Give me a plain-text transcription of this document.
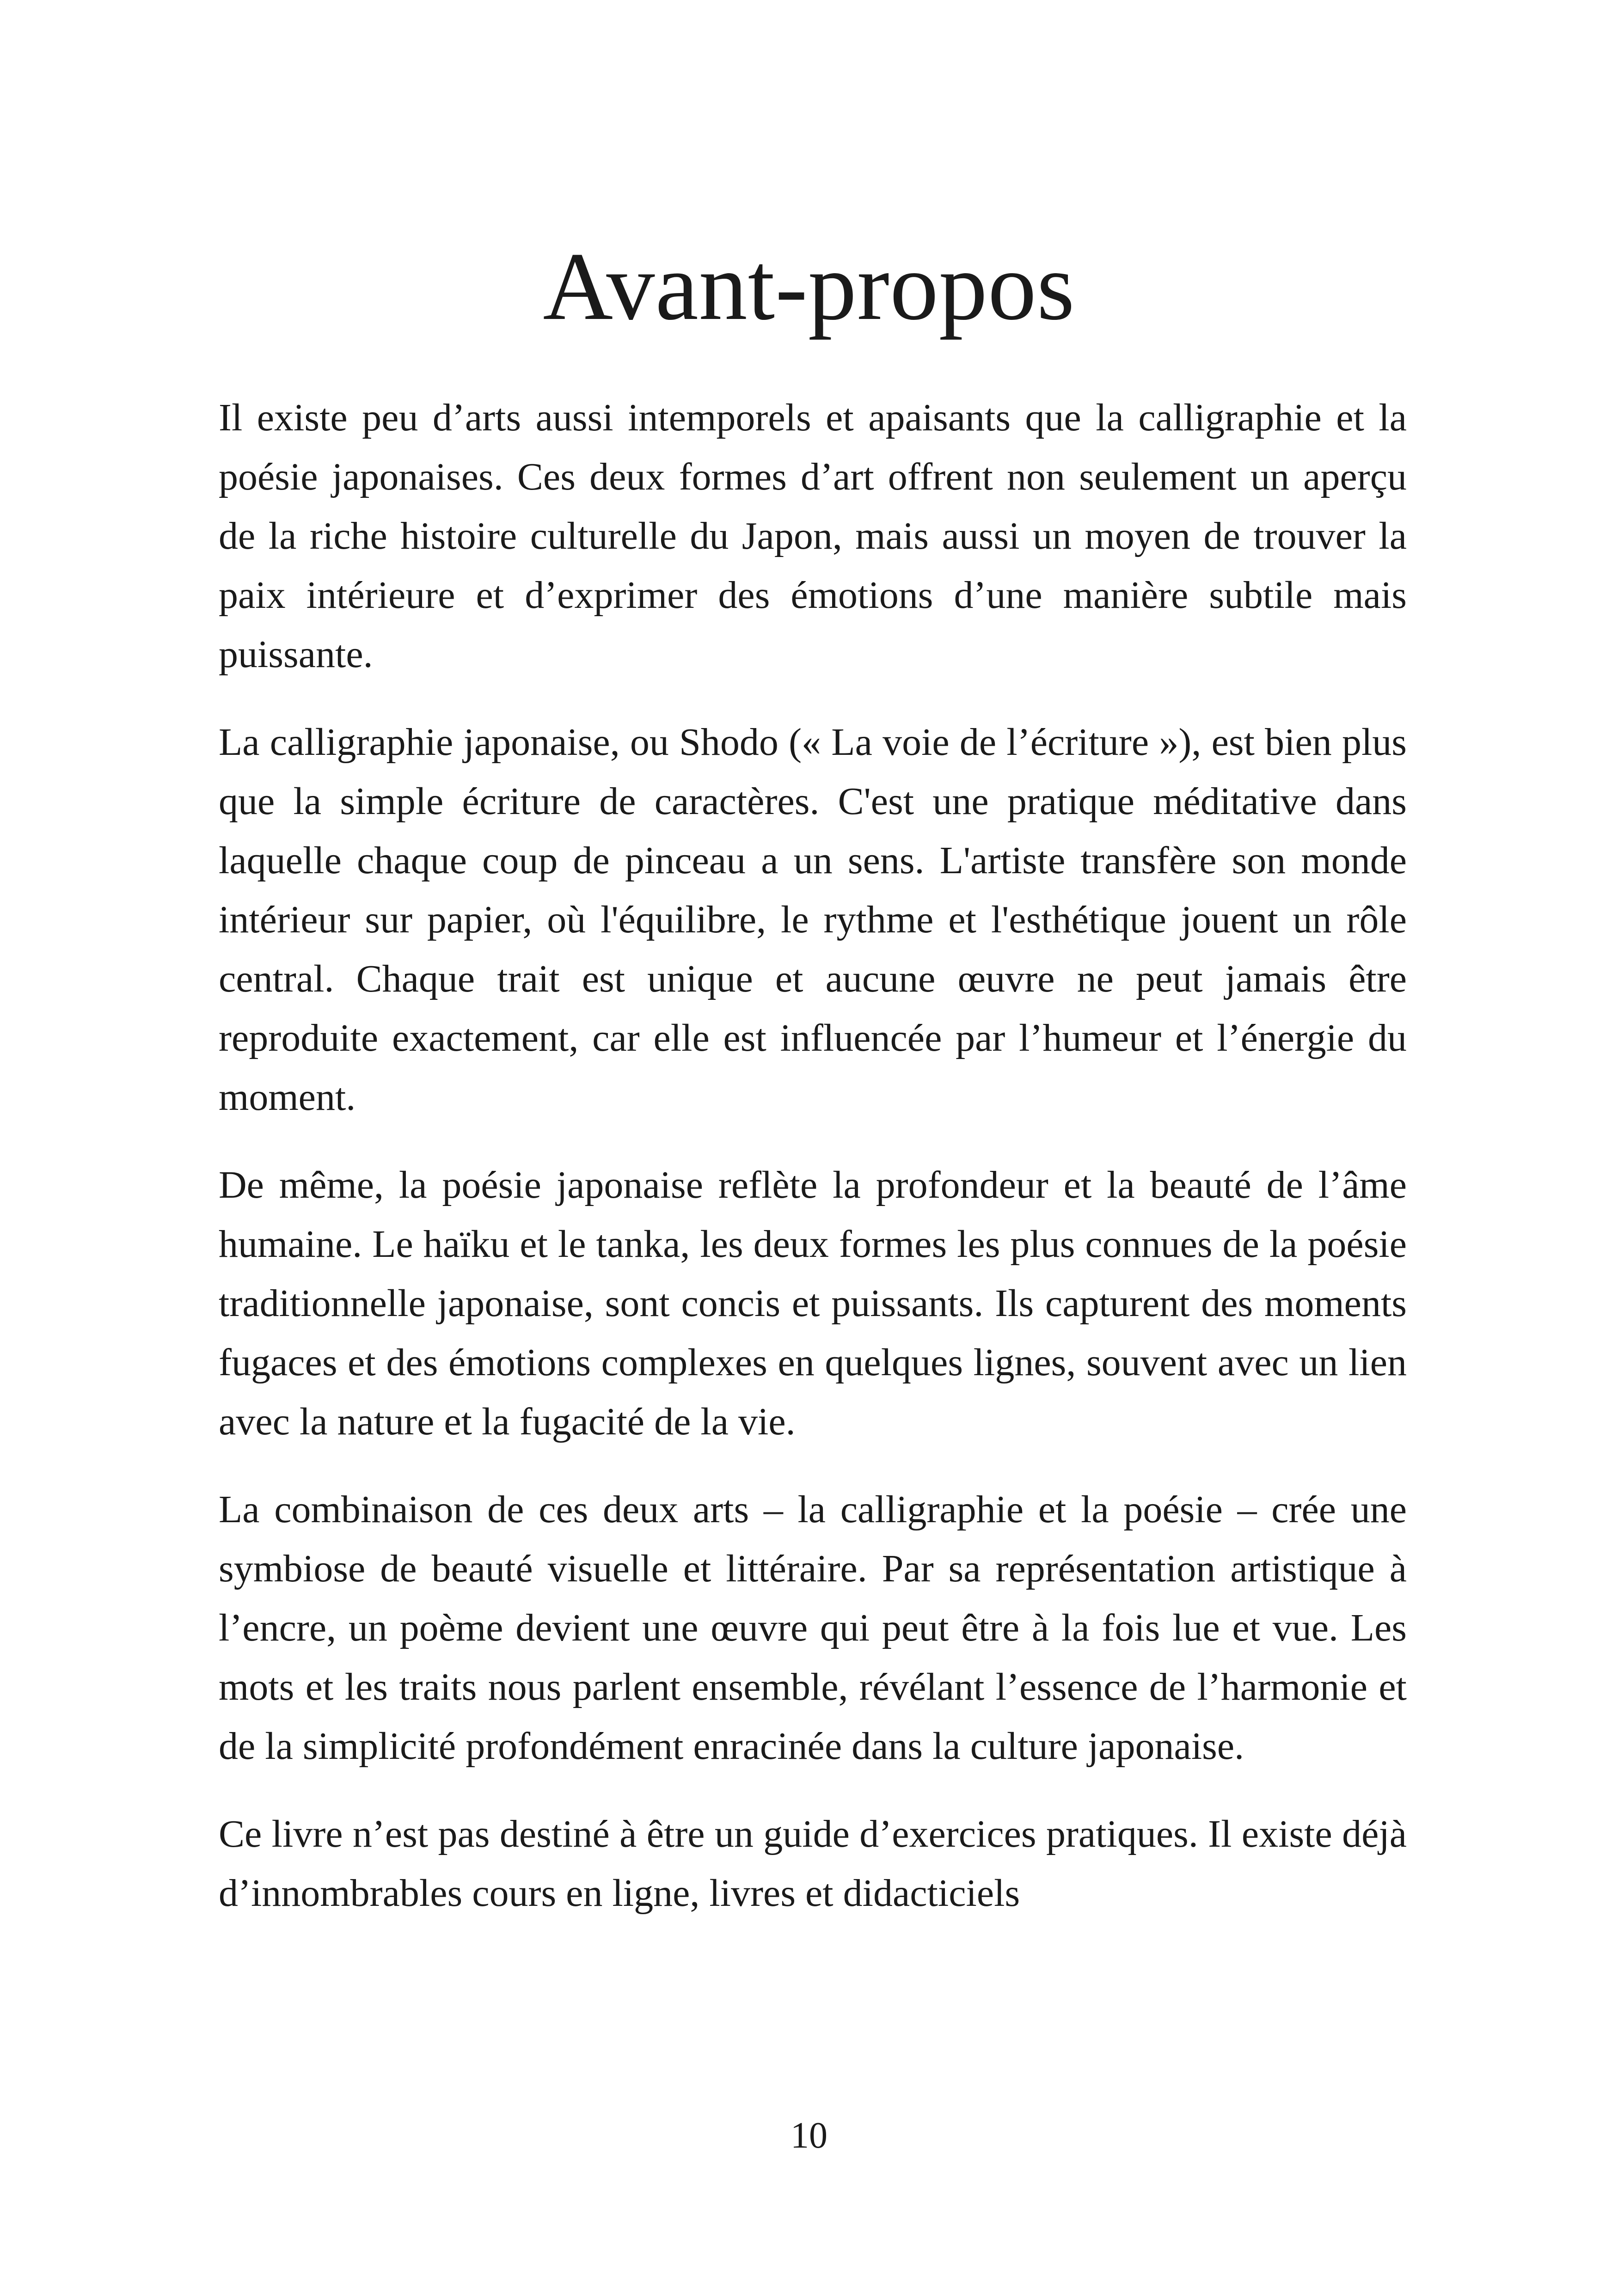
Avant-propos

Il existe peu d’arts aussi intemporels et apaisants que la calligraphie et la poésie japonaises. Ces deux formes d’art offrent non seulement un aperçu de la riche histoire culturelle du Japon, mais aussi un moyen de trouver la paix intérieure et d’exprimer des émotions d’une manière subtile mais puissante.

La calligraphie japonaise, ou Shodo (« La voie de l’écriture »), est bien plus que la simple écriture de caractères. C'est une pratique méditative dans laquelle chaque coup de pinceau a un sens. L'artiste transfère son monde intérieur sur papier, où l'équilibre, le rythme et l'esthétique jouent un rôle central. Chaque trait est unique et aucune œuvre ne peut jamais être reproduite exactement, car elle est influencée par l’humeur et l’énergie du moment.

De même, la poésie japonaise reflète la profondeur et la beauté de l’âme humaine. Le haïku et le tanka, les deux formes les plus connues de la poésie traditionnelle japonaise, sont concis et puissants. Ils capturent des moments fugaces et des émotions complexes en quelques lignes, souvent avec un lien avec la nature et la fugacité de la vie.

La combinaison de ces deux arts – la calligraphie et la poésie – crée une symbiose de beauté visuelle et littéraire. Par sa représentation artistique à l’encre, un poème devient une œuvre qui peut être à la fois lue et vue. Les mots et les traits nous parlent ensemble, révélant l’essence de l’harmonie et de la simplicité profondément enracinée dans la culture japonaise.

Ce livre n’est pas destiné à être un guide d’exercices pratiques. Il existe déjà d’innombrables cours en ligne, livres et didacticiels

10
